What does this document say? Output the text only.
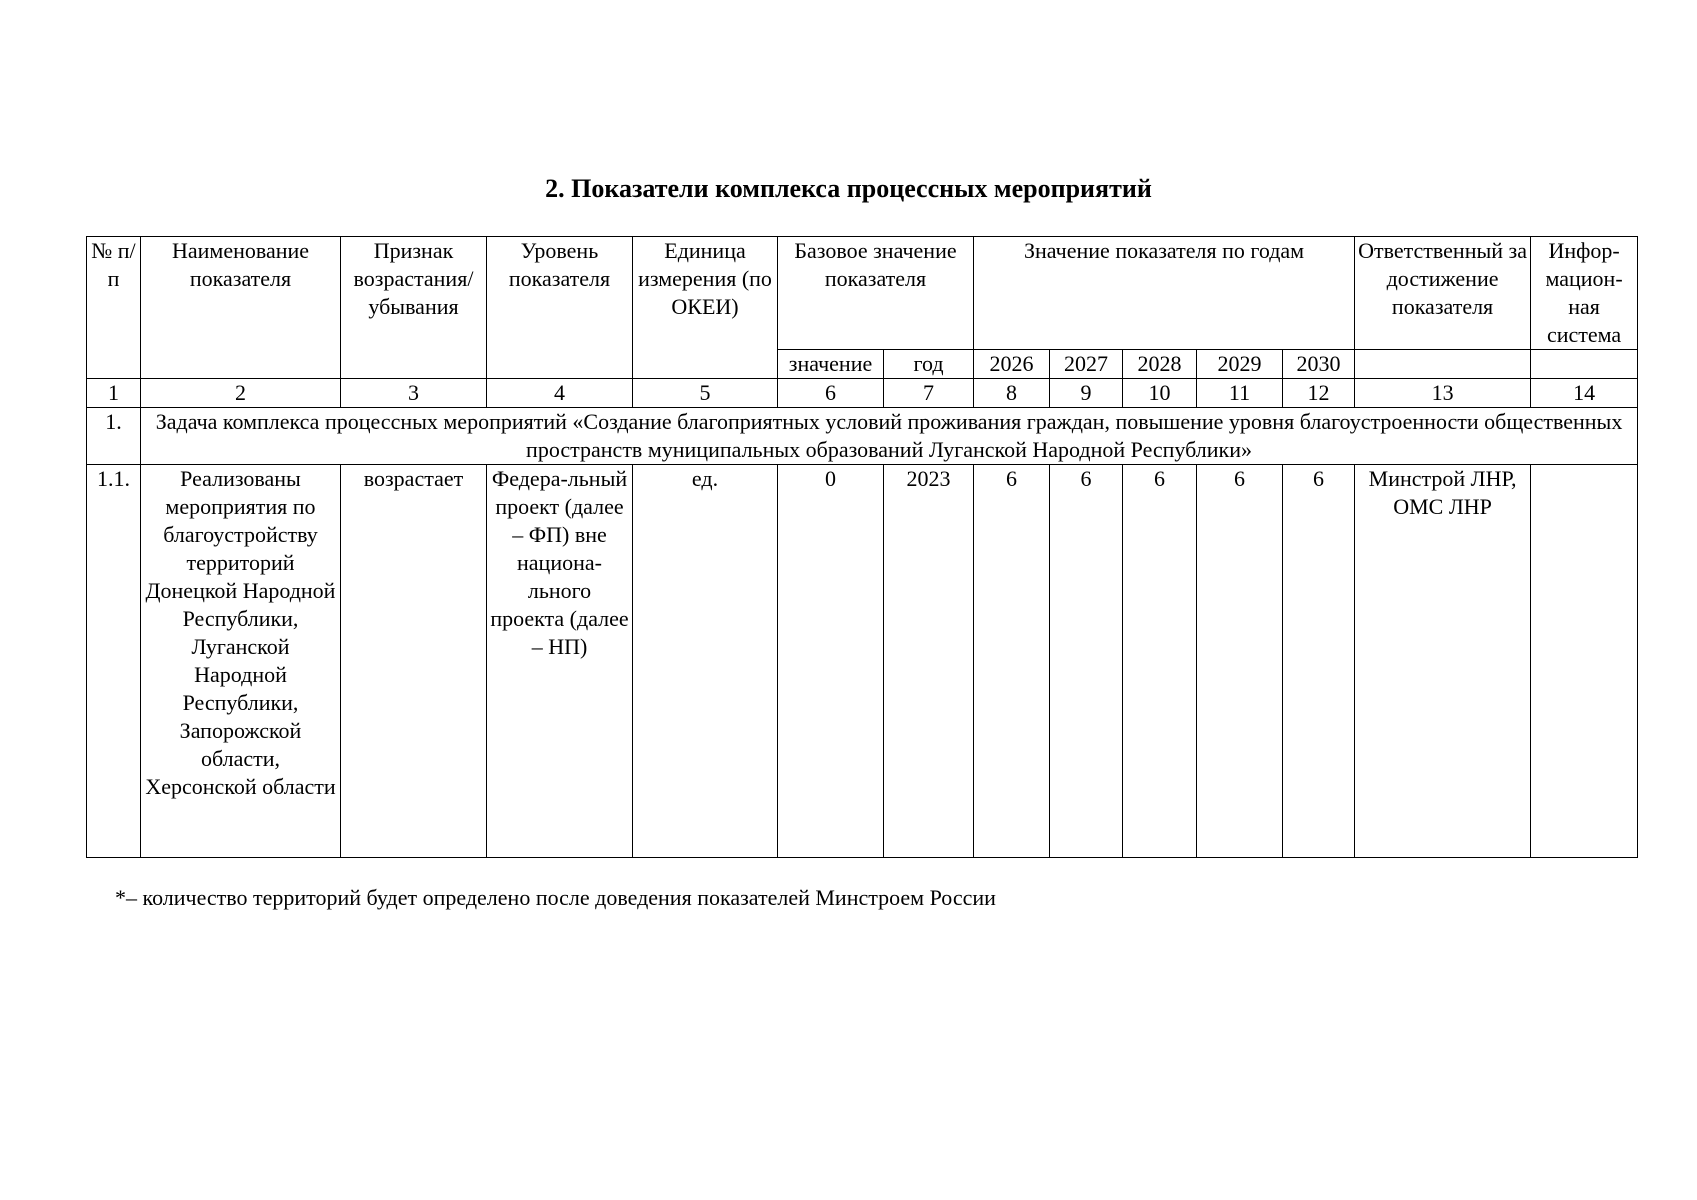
2. Показатели комплекса процессных мероприятий
№ п/п	Наименование показателя	Признак возрастания/ убывания	Уровень показателя	Единица измерения (по ОКЕИ)	Базовое значение показателя		Значение показателя по годам					Ответственный за достижение показателя	Инфор-мацион-ная система
					значение	год	2026	2027	2028	2029	2030		
1	2	3	4	5	6	7	8	9	10	11	12	13	14
1.	Задача комплекса процессных мероприятий «Создание благоприятных условий проживания граждан, повышение уровня благоустроенности общественных пространств муниципальных образований Луганской Народной Республики»												
1.1.	Реализованы мероприятия по благоустройству территорий Донецкой Народной Республики, Луганской Народной Республики, Запорожской области, Херсонской области	возрастает	Федера-льный проект (далее – ФП) вне национа-льного проекта (далее – НП)	ед.	0	2023	6	6	6	6	6	Минстрой ЛНР, ОМС ЛНР	
*– количество территорий будет определено после доведения показателей Минстроем России
